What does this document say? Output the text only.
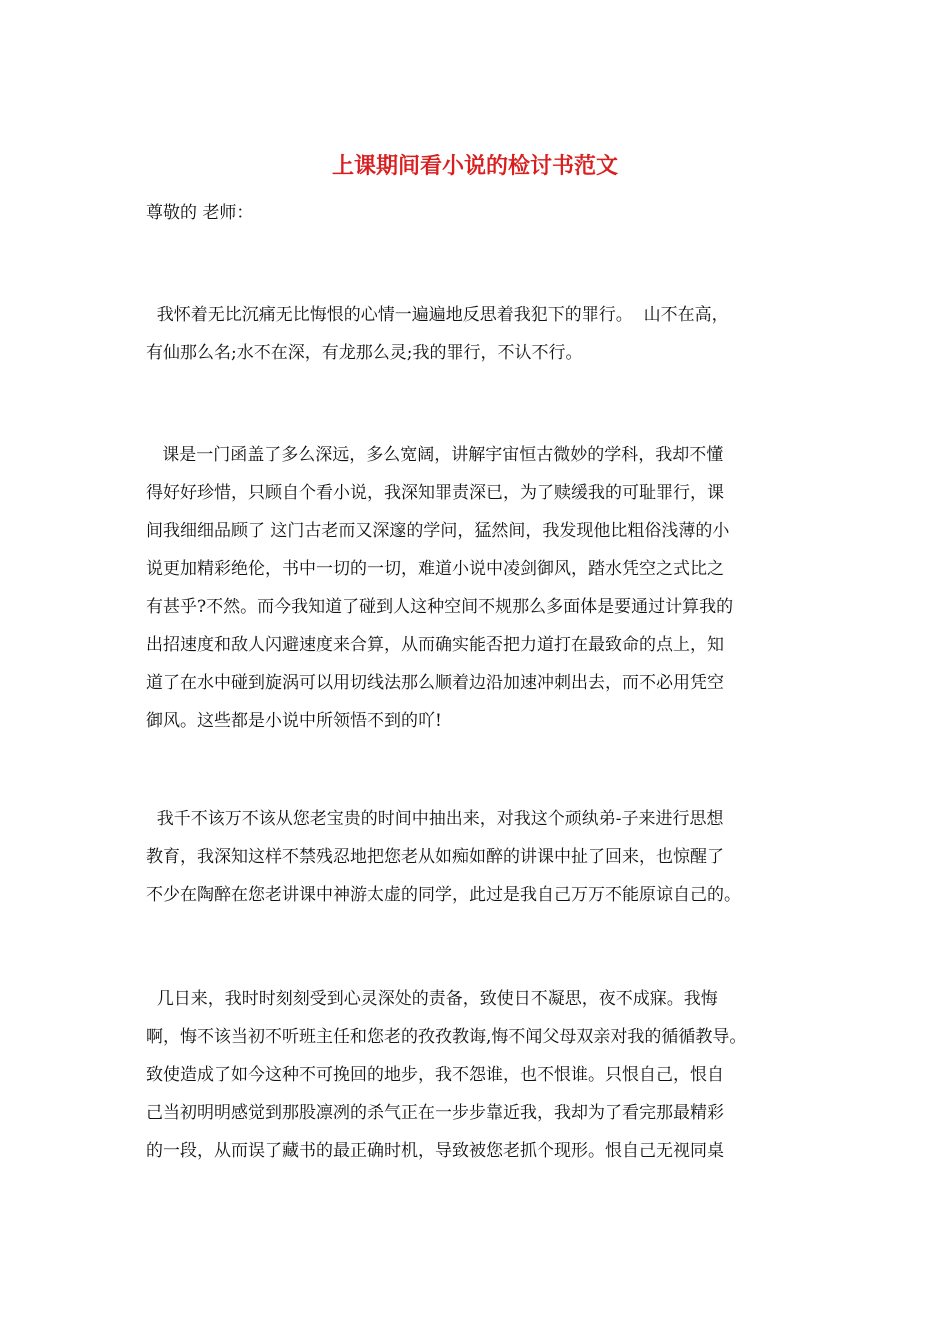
上课期间看小说的检讨书范文
尊敬的 老师：
我怀着无比沉痛无比悔恨的心情一遍遍地反思着我犯下的罪行。  山不在高，
有仙那么名;水不在深，有龙那么灵;我的罪行，不认不行。
课是一门函盖了多么深远，多么宽阔，讲解宇宙恒古微妙的学科，我却不懂
得好好珍惜，只顾自个看小说，我深知罪责深已，为了赎缓我的可耻罪行，课
间我细细品顾了 这门古老而又深邃的学问，猛然间，我发现他比粗俗浅薄的小
说更加精彩绝伦，书中一切的一切，难道小说中凌剑御风，踏水凭空之式比之
有甚乎?不然。而今我知道了碰到人这种空间不规那么多面体是要通过计算我的
出招速度和敌人闪避速度来合算，从而确实能否把力道打在最致命的点上，知
道了在水中碰到旋涡可以用切线法那么顺着边沿加速冲刺出去，而不必用凭空
御风。这些都是小说中所领悟不到的吖!
我千不该万不该从您老宝贵的时间中抽出来，对我这个顽纨弟-子来进行思想
教育，我深知这样不禁残忍地把您老从如痴如醉的讲课中扯了回来，也惊醒了
不少在陶醉在您老讲课中神游太虚的同学，此过是我自己万万不能原谅自己的。
几日来，我时时刻刻受到心灵深处的责备，致使日不凝思，夜不成寐。我悔
啊，悔不该当初不听班主任和您老的孜孜教诲,悔不闻父母双亲对我的循循教导。
致使造成了如今这种不可挽回的地步，我不怨谁，也不恨谁。只恨自己，恨自
己当初明明感觉到那股凛冽的杀气正在一步步靠近我，我却为了看完那最精彩
的一段，从而误了藏书的最正确时机，导致被您老抓个现形。恨自己无视同桌
